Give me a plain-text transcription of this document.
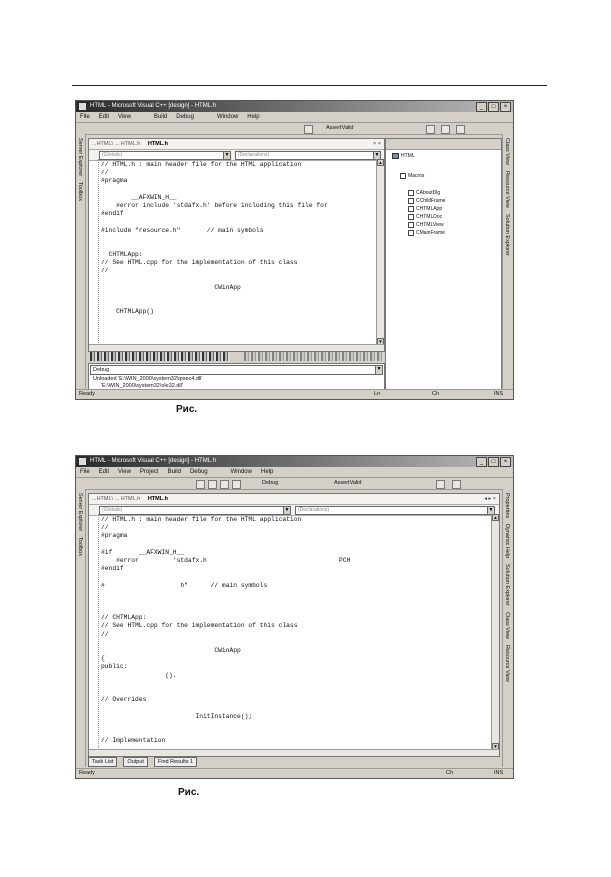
HTML - Microsoft Visual C++ [design] - HTML.h	_	□	×
File Edit View	Build Debug	Window Help
AssertValid
Server Explorer
Toolbox
...HTML\ ... HTML.h HTML.h	× ×
(Globals)	▼	(Declarations)	▼
// HTML.h : main header file for the HTML application
//
#pragma
__AFXWIN_H__
#error include 'stdafx.h' before including this file for
#endif
#include "resource.h"       // main symbols
CHTMLApp:
// See HTML.cpp for the implementation of this class
//
CWinApp
CHTMLApp()
▲
▼
Debug	▼
Unloaded 'E:\WIN_2000\system32\ipsec4.dll'
'E:\WIN_2000\system32\ole32.dll'
HTML
Macros
CAboutDlg
CChildFrame
CHTMLApp
CHTMLDoc
CHTMLView
CMainFrame
Class View
Resource View
Solution Explorer
Ready	Ln	Ch	INS
Рис.
HTML - Microsoft Visual C++ [design] - HTML.h	_	□	×
File Edit View Project Build Debug	Window Help
Debug	AssertValid
Server Explorer
Toolbox
...HTML\ ... HTML.h HTML.h	◂ ▸ ×
(Globals)	▼	(Declarations)	▼
// HTML.h : main header file for the HTML application
//
#pragma
#if       __AFXWIN_H__
#error         'stdafx.h                                   PCH
#endif
#                    h"      // main symbols
// CHTMLApp:
// See HTML.cpp for the implementation of this class
//
CWinApp
{
public:
().
// Overrides
InitInstance();
// Implementation
▲
▼
Task List	Output	Find Results 1
Properties
Dynamic Help
Solution Explorer
Class View
Resource View
Ready	Ch	INS
Рис.
